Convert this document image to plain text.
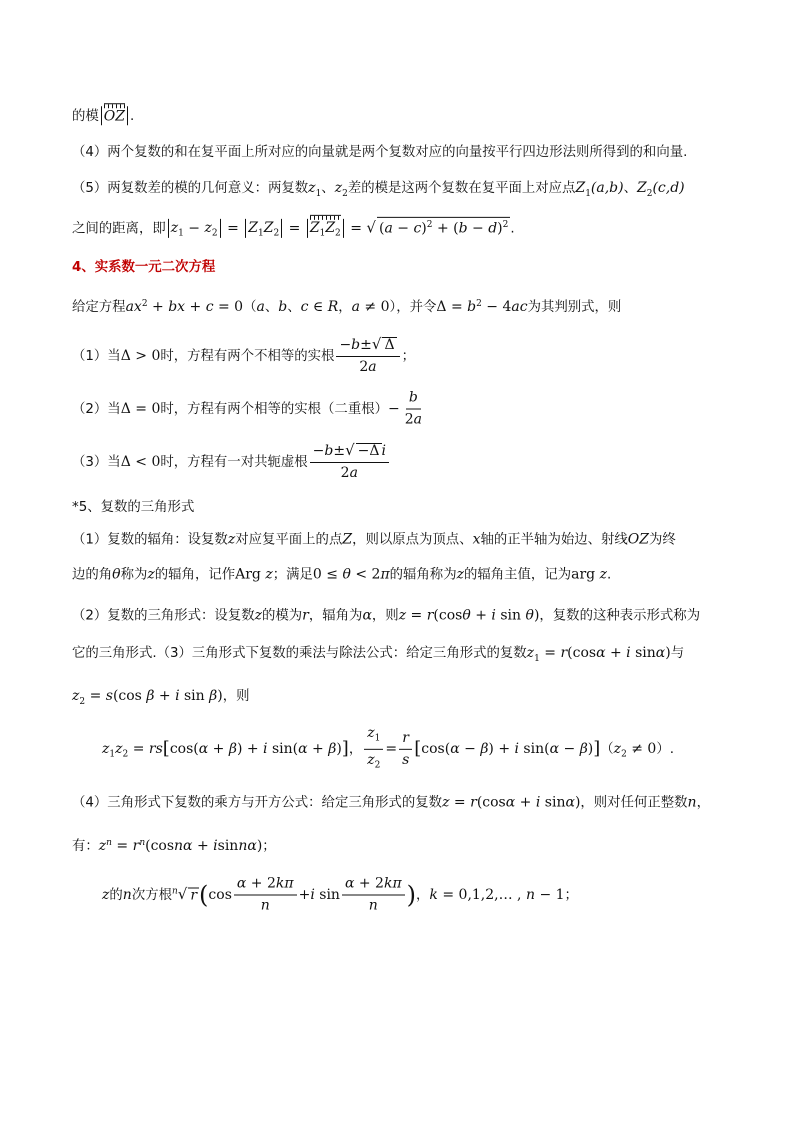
的模 OZ .
（4）两个复数的和在复平面上所对应的向量就是两个复数对应的向量按平行四边形法则所得到的和向量.
（5）两复数差的模的几何意义：两复数$z_1$、$z_2$差的模是这两个复数在复平面上对应点$Z_1(a,b)$、$Z_2(c,d)$
之间的距离，即 $z_1 - z_2 = Z_1Z_2 = Z_1Z_2$ = √ $(a - c)^2 + (b - d)^2$ .
4、实系数一元二次方程
给定方程$ax^2$ + bx + c = 0（a、b、c ∈ R，a ≠ 0），并令$\Delta = b^2 - 4ac$为其判别式，则
（1）当Δ > 0时，方程有两个不相等的实根 $\frac{-b\pm√ \Delta}{2a}$ ；
（2）当Δ = 0时，方程有两个相等的实根（二重根）− $\frac{b}{2a}$
（3）当Δ < 0时，方程有一对共轭虚根 $\frac{\text{−b±√ −Δ i}}{2a}$
*5、复数的三角形式
（1）复数的辐角：设复数z对应复平面上的点Z，则以原点为顶点、x轴的正半轴为始边、射线OZ为终
边的角θ称为z的辐角，记作Arg z；满足0 ≤ θ < 2π的辐角称为z的辐角主值，记为arg z.
（2）复数的三角形式：设复数z的模为r，辐角为α，则z = r(cosθ + i sin θ)，复数的这种表示形式称为
它的三角形式.（3）三角形式下复数的乘法与除法公式：给定三角形式的复数$z_1 = r(\cos\alpha + i$ sinα)与
$z_2 = s(\cos$ β + i sin β)，则
$z_1z_2 = rs[\cos(\alpha + \beta) + i$ sin(α + β)]， $\frac{z_1}{z_2} = \frac{r}{s} [\cos(\alpha - \beta) + i$ $\sin(\alpha - \beta)](z_2 \ne 0)$.
（4）三角形式下复数的乘方与开方公式：给定三角形式的复数z = r(cosα + i sinα)，则对任何正整数n，
有：$z^n = r^n(\cos n\alpha + isinn\alpha)$；
z的n次方根$^n$√ $r(\cos \frac{\alpha + 2k\pi}{n} +i$ $\sin \frac{\alpha + 2k\pi}{n}$ )，k = 0,1,2,… , n − 1；
